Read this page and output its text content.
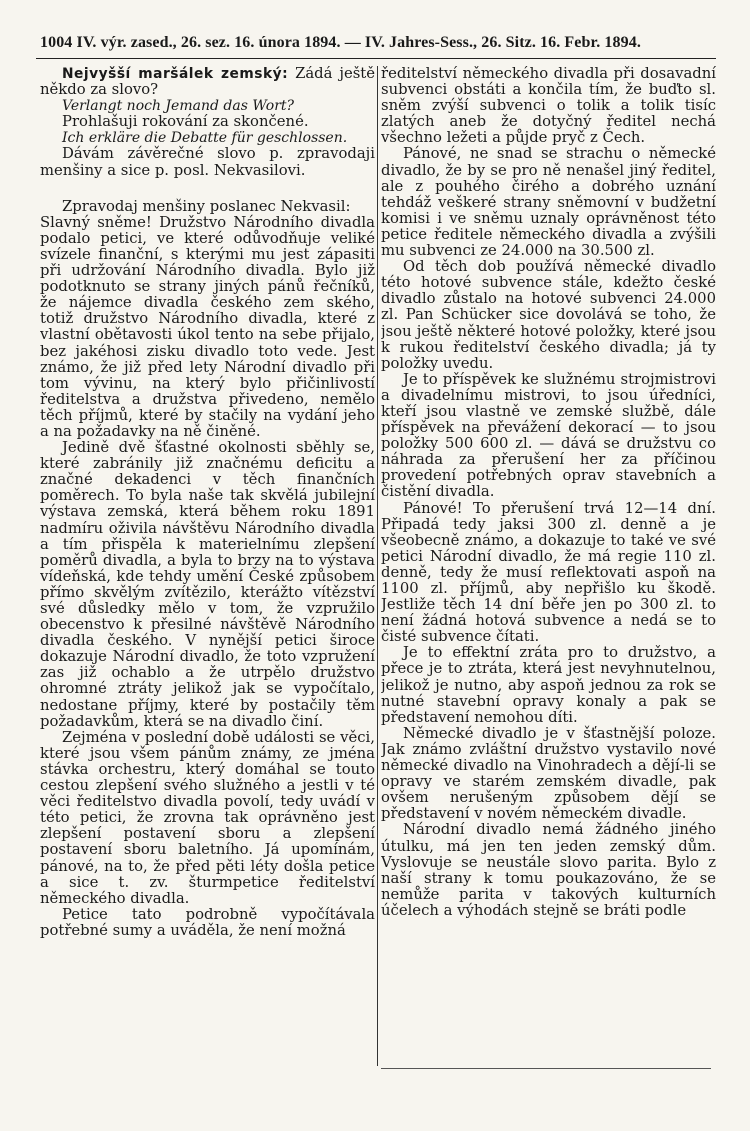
1004 IV. výr. zased., 26. sez. 16. února 1894. — IV. Jahres-Sess., 26. Sitz. 16. Febr. 1894.

Nejvyšší maršálek zemský: Žádá ještě někdo za slovo?

Verlangt noch Jemand das Wort?

Prohlašuji rokování za skončené.

Ich erkläre die Debatte für geschlossen.

Dávám závěrečné slovo p. zpravodaji menšiny a sice p. posl. Nekvasilovi.

Zpravodaj menšiny poslanec Nekvasil:

Slavný sněme! Družstvo Národního divadla podalo petici, ve které odůvodňuje veliké svízele finanční, s kterými mu jest zápasiti při udržování Národního divadla. Bylo již podotknuto se strany jiných pánů řečníků, že nájemce divadla českého zem ského, totiž družstvo Národního divadla, které z vlastní obětavosti úkol tento na sebe přijalo, bez jakéhosi zisku divadlo toto vede. Jest známo, že již před lety Národní divadlo při tom vývinu, na který bylo přičinlivostí ředitelstva a družstva přivedeno, nemělo těch příjmů, které by stačily na vydání jeho a na požadavky na ně činěné.

Jedině dvě šťastné okolnosti sběhly se, které zabránily již značnému deficitu a značné dekadenci v těch finančních poměrech. To byla naše tak skvělá jubilejní výstava zemská, která během roku 1891 nadmíru oživila návštěvu Národního divadla a tím přispěla k materielnímu zlepšení poměrů divadla, a byla to brzy na to výstava vídeňská, kde tehdy umění České způsobem přímo skvělým zvítězilo, kterážto vítězství své důsledky mělo v tom, že vzpružilo obecenstvo k přesilné návštěvě Národního divadla českého. V nynější petici široce dokazuje Národní divadlo, že toto vzpružení zas již ochablo a že utrpělo družstvo ohromné ztráty jelikož jak se vypočítalo, nedostane příjmy, které by postačily těm požadavkům, která se na divadlo činí.

Zejména v poslední době události se věci, které jsou všem pánům známy, ze jména stávka orchestru, který domáhal se touto cestou zlepšení svého služného a jestli v té věci ředitelstvo divadla povolí, tedy uvádí v této petici, že zrovna tak oprávněno jest zlepšení postavení sboru a zlepšení postavení sboru baletního. Já upomínám, pánové, na to, že před pěti léty došla petice a sice t. zv. šturmpetice ředitelství německého divadla.

Petice tato podrobně vypočítávala potřebné sumy a uváděla, že není možná

ředitelství německého divadla při dosavadní subvenci obstáti a končila tím, že buďto sl. sněm zvýší subvenci o tolik a tolik tisíc zlatých aneb že dotyčný ředitel nechá všechno ležeti a půjde pryč z Čech.

Pánové, ne snad se strachu o německé divadlo, že by se pro ně nenašel jiný ředitel, ale z pouhého čirého a dobrého uznání tehdáž veškeré strany sněmovní v budžetní komisi i ve sněmu uznaly oprávněnost této petice ředitele německého divadla a zvýšili mu subvenci ze 24.000 na 30.500 zl.

Od těch dob používá německé divadlo této hotové subvence stále, kdežto české divadlo zůstalo na hotové subvenci 24.000 zl. Pan Schücker sice dovolává se toho, že jsou ještě některé hotové položky, které jsou k rukou ředitelství českého divadla; já ty položky uvedu.

Je to příspěvek ke služnému strojmistrovi a divadelnímu mistrovi, to jsou úředníci, kteří jsou vlastně ve zemské službě, dále příspěvek na převážení dekorací — to jsou položky 500 600 zl. — dává se družstvu co náhrada za přerušení her za příčinou provedení potřebných oprav stavebních a čistění divadla.

Pánové! To přerušení trvá 12—14 dní. Připadá tedy jaksi 300 zl. denně a je všeobecně známo, a dokazuje to také ve své petici Národní divadlo, že má regie 110 zl. denně, tedy že musí reflektovati aspoň na 1100 zl. příjmů, aby nepřišlo ku škodě. Jestliže těch 14 dní běře jen po 300 zl. to není žádná hotová subvence a nedá se to čisté subvence čítati.

Je to effektní zráta pro to družstvo, a přece je to ztráta, která jest nevyhnutelnou, jelikož je nutno, aby aspoň jednou za rok se nutné stavební opravy konaly a pak se představení nemohou díti.

Německé divadlo je v šťastnější poloze. Jak známo zvláštní družstvo vystavilo nové německé divadlo na Vinohradech a dějí-li se opravy ve starém zemském divadle, pak ovšem nerušeným způsobem dějí se představení v novém německém divadle.

Národní divadlo nemá žádného jiného útulku, má jen ten jeden zemský dům. Vyslovuje se neustále slovo parita. Bylo z naší strany k tomu poukazováno, že se nemůže parita v takových kulturních účelech a výhodách stejně se bráti podle
